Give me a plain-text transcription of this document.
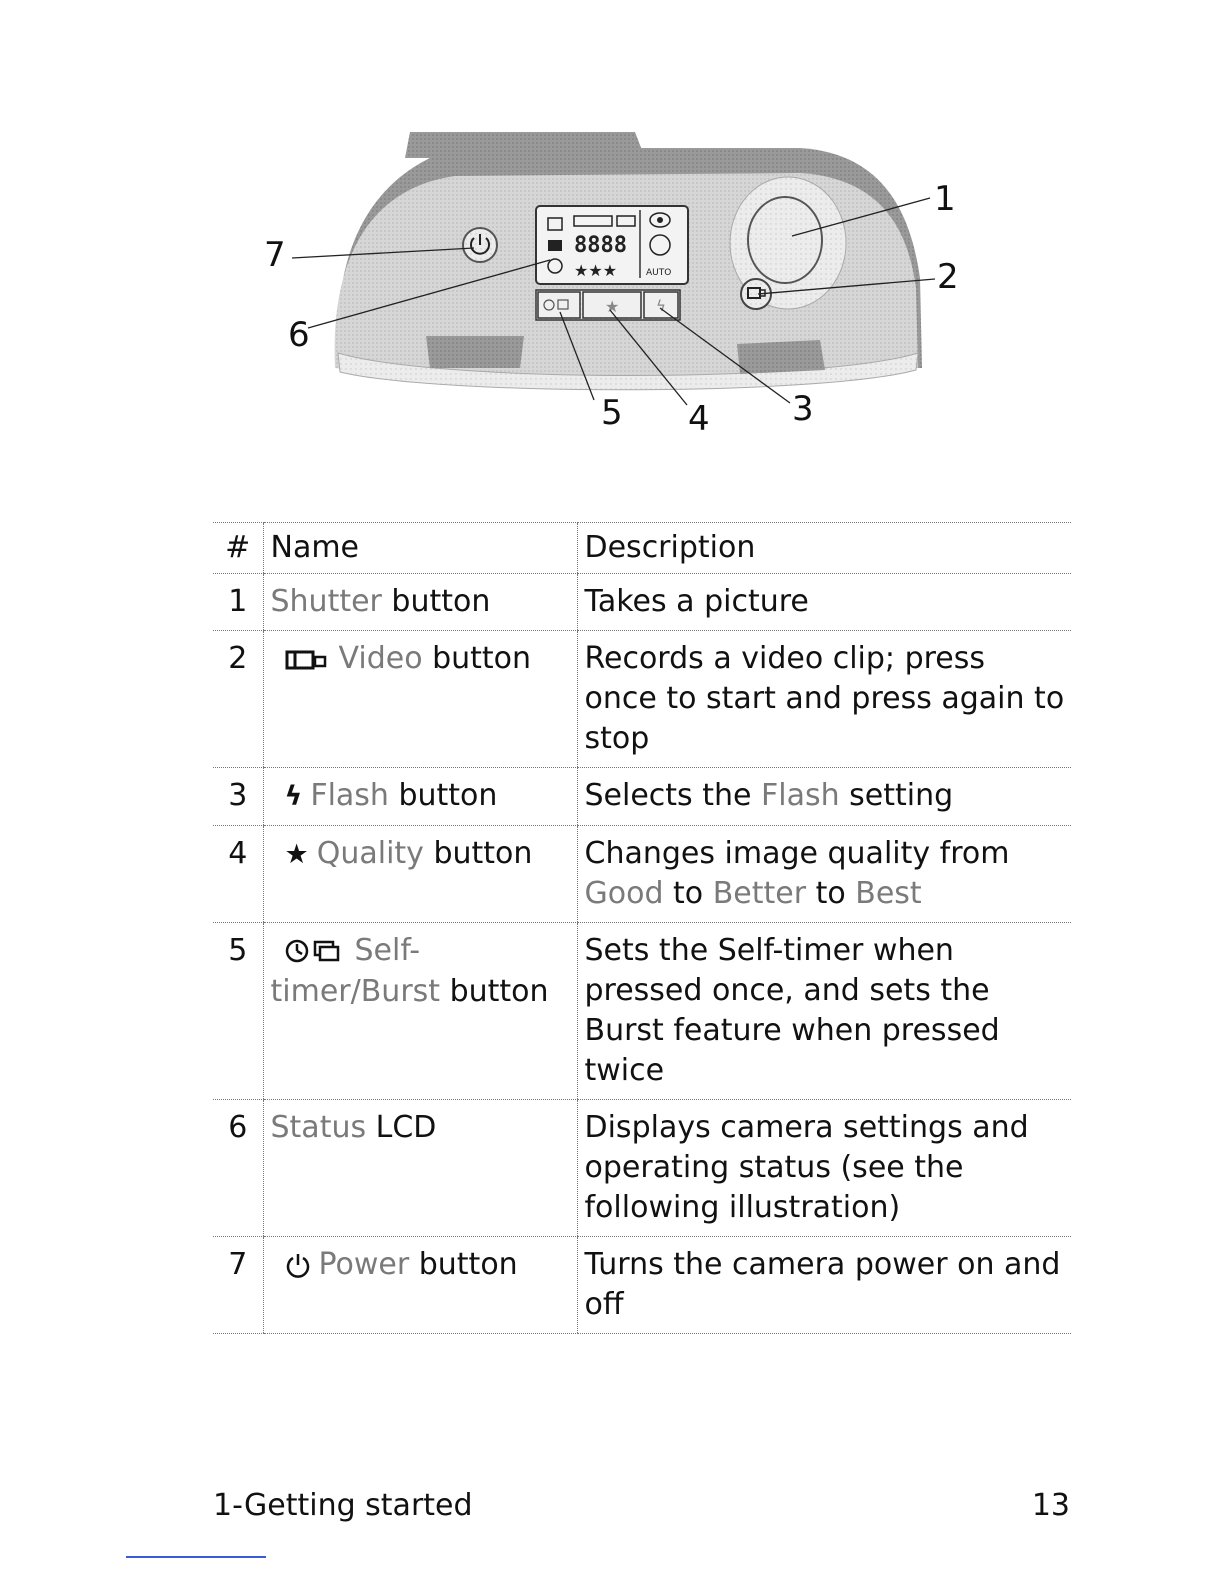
8888
★★★	AUTO
★ ϟ
1
2
3
4
5
6
7
#	Name	Description
1	Shutter button	Takes a picture
2	Video button	Records a video clip; press once to start and press again to stop
3	ϟ Flash button	Selects the Flash setting
4	★ Quality button	Changes image quality from Good to Better to Best
5	Self-timer/Burst button	Sets the Self-timer when pressed once, and sets the Burst feature when pressed twice
6	Status LCD	Displays camera settings and operating status (see the following illustration)
7	Power button	Turns the camera power on and off
1-Getting started	13
